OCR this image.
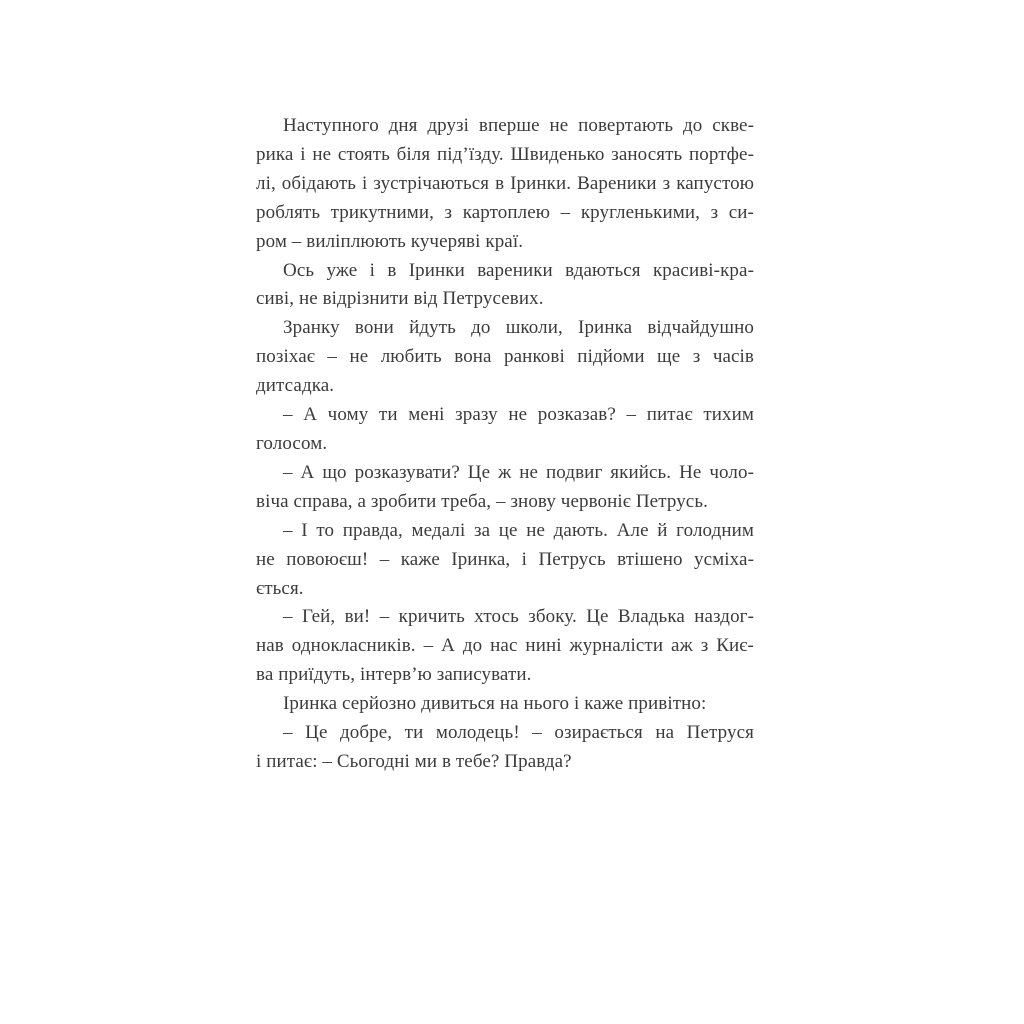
Наступного дня друзі вперше не повертають до скве-
рика і не стоять біля під’їзду. Швиденько заносять портфе-
лі, обідають і зустрічаються в Іринки. Вареники з капустою
роблять трикутними, з картоплею – кругленькими, з си-
ром – виліплюють кучеряві краї.
Ось уже і в Іринки вареники вдаються красиві-кра-
сиві, не відрізнити від Петрусевих.
Зранку вони йдуть до школи, Іринка відчайдушно
позіхає – не любить вона ранкові підйоми ще з часів
дитсадка.
– А чому ти мені зразу не розказав? – питає тихим
голосом.
– А що розказувати? Це ж не подвиг якийсь. Не чоло-
віча справа, а зробити треба, – знову червоніє Петрусь.
– І то правда, медалі за це не дають. Але й голодним
не повоюєш! – каже Іринка, і Петрусь втішено усміха-
ється.
– Гей, ви! – кричить хтось збоку. Це Владька наздог-
нав однокласників. – А до нас нині журналісти аж з Киє-
ва приїдуть, інтерв’ю записувати.
Іринка серйозно дивиться на нього і каже привітно:
– Це добре, ти молодець! – озирається на Петруся
і питає: – Сьогодні ми в тебе? Правда?
